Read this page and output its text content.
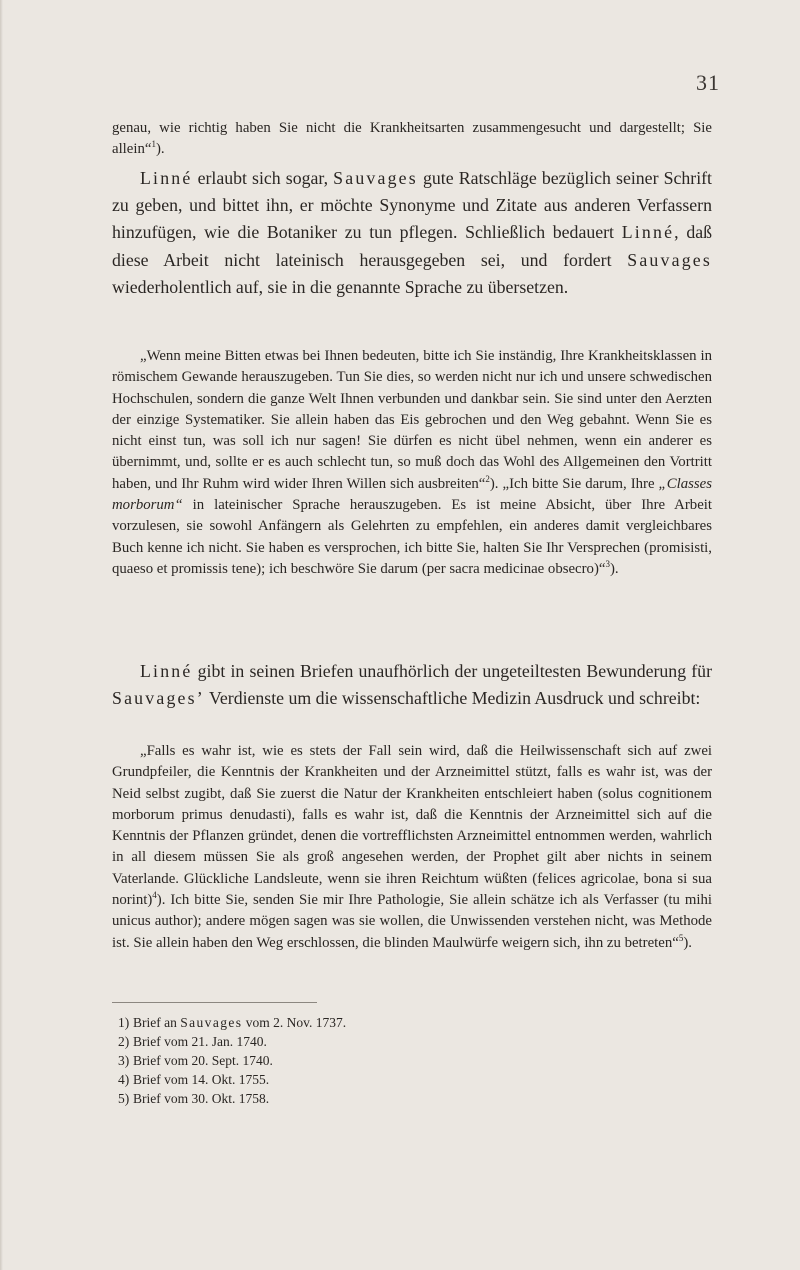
31

genau, wie richtig haben Sie nicht die Krankheitsarten zusammengesucht und dargestellt; Sie allein“$^1$).

Linné erlaubt sich sogar, Sauvages gute Ratschläge bezüglich seiner Schrift zu geben, und bittet ihn, er möchte Synonyme und Zitate aus anderen Verfassern hinzufügen, wie die Botaniker zu tun pflegen. Schließlich bedauert Linné, daß diese Arbeit nicht lateinisch herausgegeben sei, und fordert Sauvages wiederholentlich auf, sie in die genannte Sprache zu übersetzen.

„Wenn meine Bitten etwas bei Ihnen bedeuten, bitte ich Sie inständig, Ihre Krankheitsklassen in römischem Gewande herauszugeben. Tun Sie dies, so werden nicht nur ich und unsere schwedischen Hochschulen, sondern die ganze Welt Ihnen verbunden und dankbar sein. Sie sind unter den Aerzten der einzige Systematiker. Sie allein haben das Eis gebrochen und den Weg gebahnt. Wenn Sie es nicht einst tun, was soll ich nur sagen! Sie dürfen es nicht übel nehmen, wenn ein anderer es übernimmt, und, sollte er es auch schlecht tun, so muß doch das Wohl des Allgemeinen den Vortritt haben, und Ihr Ruhm wird wider Ihren Willen sich ausbreiten“$^2$). „Ich bitte Sie darum, Ihre „Classes morborum“ in lateinischer Sprache herauszugeben. Es ist meine Absicht, über Ihre Arbeit vorzulesen, sie sowohl Anfängern als Gelehrten zu empfehlen, ein anderes damit vergleichbares Buch kenne ich nicht. Sie haben es versprochen, ich bitte Sie, halten Sie Ihr Versprechen (promisisti, quaeso et promissis tene); ich beschwöre Sie darum (per sacra medicinae obsecro)“$^3$).

Linné gibt in seinen Briefen unaufhörlich der ungeteiltesten Bewunderung für Sauvages’ Verdienste um die wissenschaftliche Medizin Ausdruck und schreibt:

„Falls es wahr ist, wie es stets der Fall sein wird, daß die Heilwissenschaft sich auf zwei Grundpfeiler, die Kenntnis der Krankheiten und der Arzneimittel stützt, falls es wahr ist, was der Neid selbst zugibt, daß Sie zuerst die Natur der Krankheiten entschleiert haben (solus cognitionem morborum primus denudasti), falls es wahr ist, daß die Kenntnis der Arzneimittel sich auf die Kenntnis der Pflanzen gründet, denen die vortrefflichsten Arzneimittel entnommen werden, wahrlich in all diesem müssen Sie als groß angesehen werden, der Prophet gilt aber nichts in seinem Vaterlande. Glückliche Landsleute, wenn sie ihren Reichtum wüßten (felices agricolae, bona si sua norint)$^4$). Ich bitte Sie, senden Sie mir Ihre Pathologie, Sie allein schätze ich als Verfasser (tu mihi unicus author); andere mögen sagen was sie wollen, die Unwissenden verstehen nicht, was Methode ist. Sie allein haben den Weg erschlossen, die blinden Maulwürfe weigern sich, ihn zu betreten“$^5$).

1) Brief an Sauvages vom 2. Nov. 1737.
2) Brief vom 21. Jan. 1740.
3) Brief vom 20. Sept. 1740.
4) Brief vom 14. Okt. 1755.
5) Brief vom 30. Okt. 1758.
